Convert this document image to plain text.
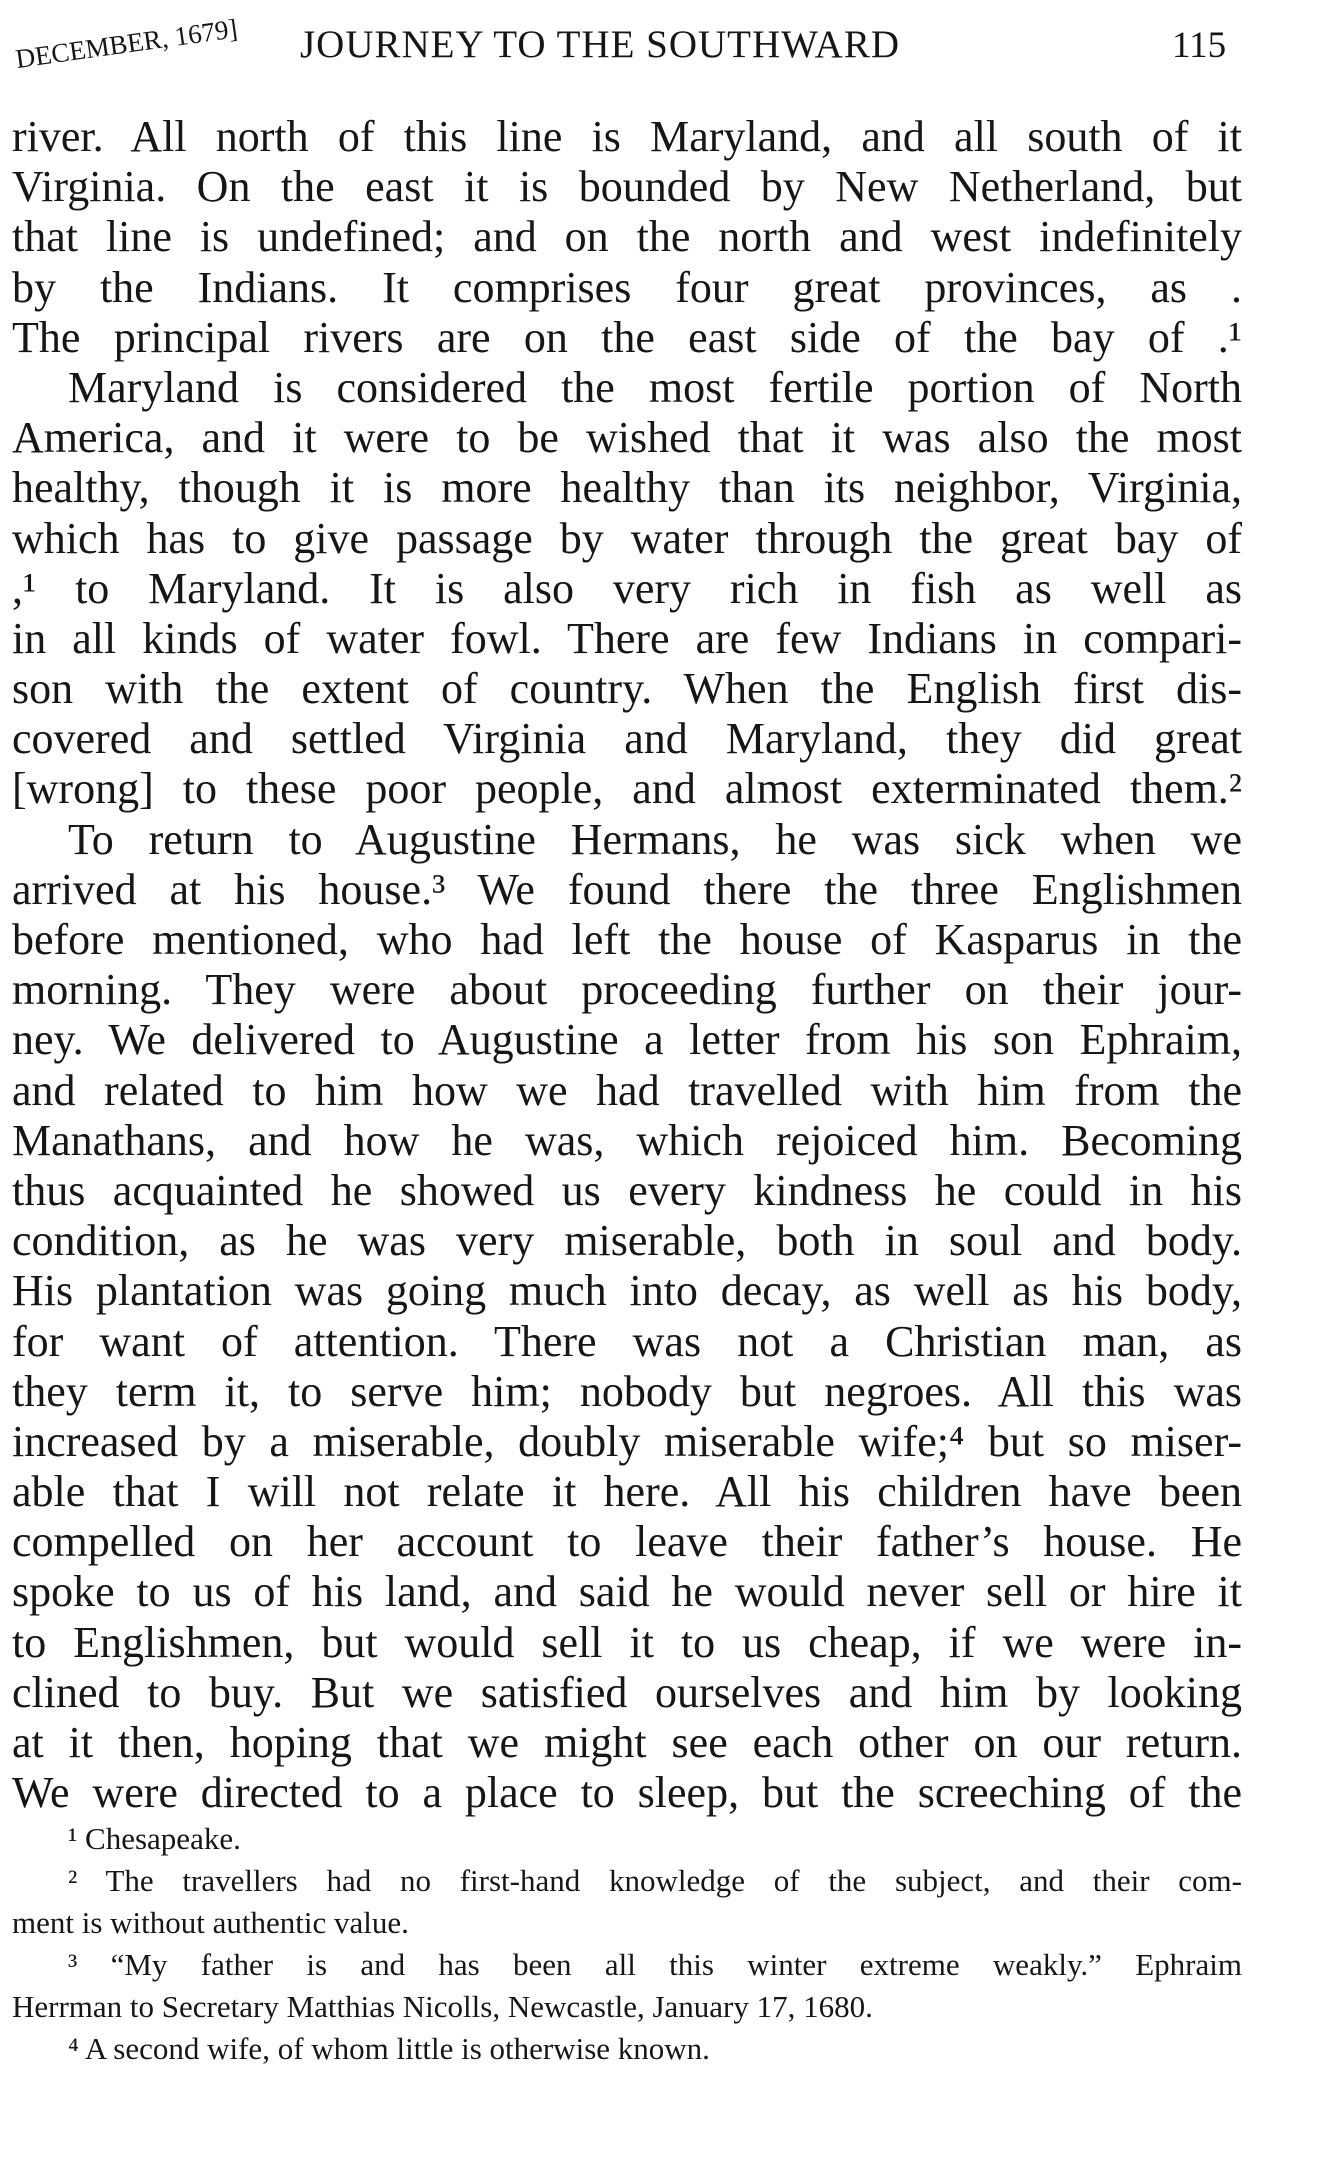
DECEMBER, 1679] JOURNEY TO THE SOUTHWARD	115
river. All north of this line is Maryland, and all south of it
Virginia. On the east it is bounded by New Netherland, but
that line is undefined; and on the north and west indefinitely
by the Indians. It comprises four great provinces, as .
The principal rivers are on the east side of the bay of .¹
Maryland is considered the most fertile portion of North
America, and it were to be wished that it was also the most
healthy, though it is more healthy than its neighbor, Virginia,
which has to give passage by water through the great bay of
,¹ to Maryland. It is also very rich in fish as well as
in all kinds of water fowl. There are few Indians in compari-
son with the extent of country. When the English first dis-
covered and settled Virginia and Maryland, they did great
[wrong] to these poor people, and almost exterminated them.²
To return to Augustine Hermans, he was sick when we
arrived at his house.³ We found there the three Englishmen
before mentioned, who had left the house of Kasparus in the
morning. They were about proceeding further on their jour-
ney. We delivered to Augustine a letter from his son Ephraim,
and related to him how we had travelled with him from the
Manathans, and how he was, which rejoiced him. Becoming
thus acquainted he showed us every kindness he could in his
condition, as he was very miserable, both in soul and body.
His plantation was going much into decay, as well as his body,
for want of attention. There was not a Christian man, as
they term it, to serve him; nobody but negroes. All this was
increased by a miserable, doubly miserable wife;⁴ but so miser-
able that I will not relate it here. All his children have been
compelled on her account to leave their father’s house. He
spoke to us of his land, and said he would never sell or hire it
to Englishmen, but would sell it to us cheap, if we were in-
clined to buy. But we satisfied ourselves and him by looking
at it then, hoping that we might see each other on our return.
We were directed to a place to sleep, but the screeching of the
¹ Chesapeake.
² The travellers had no first-hand knowledge of the subject, and their com-
ment is without authentic value.
³ “My father is and has been all this winter extreme weakly.” Ephraim
Herrman to Secretary Matthias Nicolls, Newcastle, January 17, 1680.
⁴ A second wife, of whom little is otherwise known.
